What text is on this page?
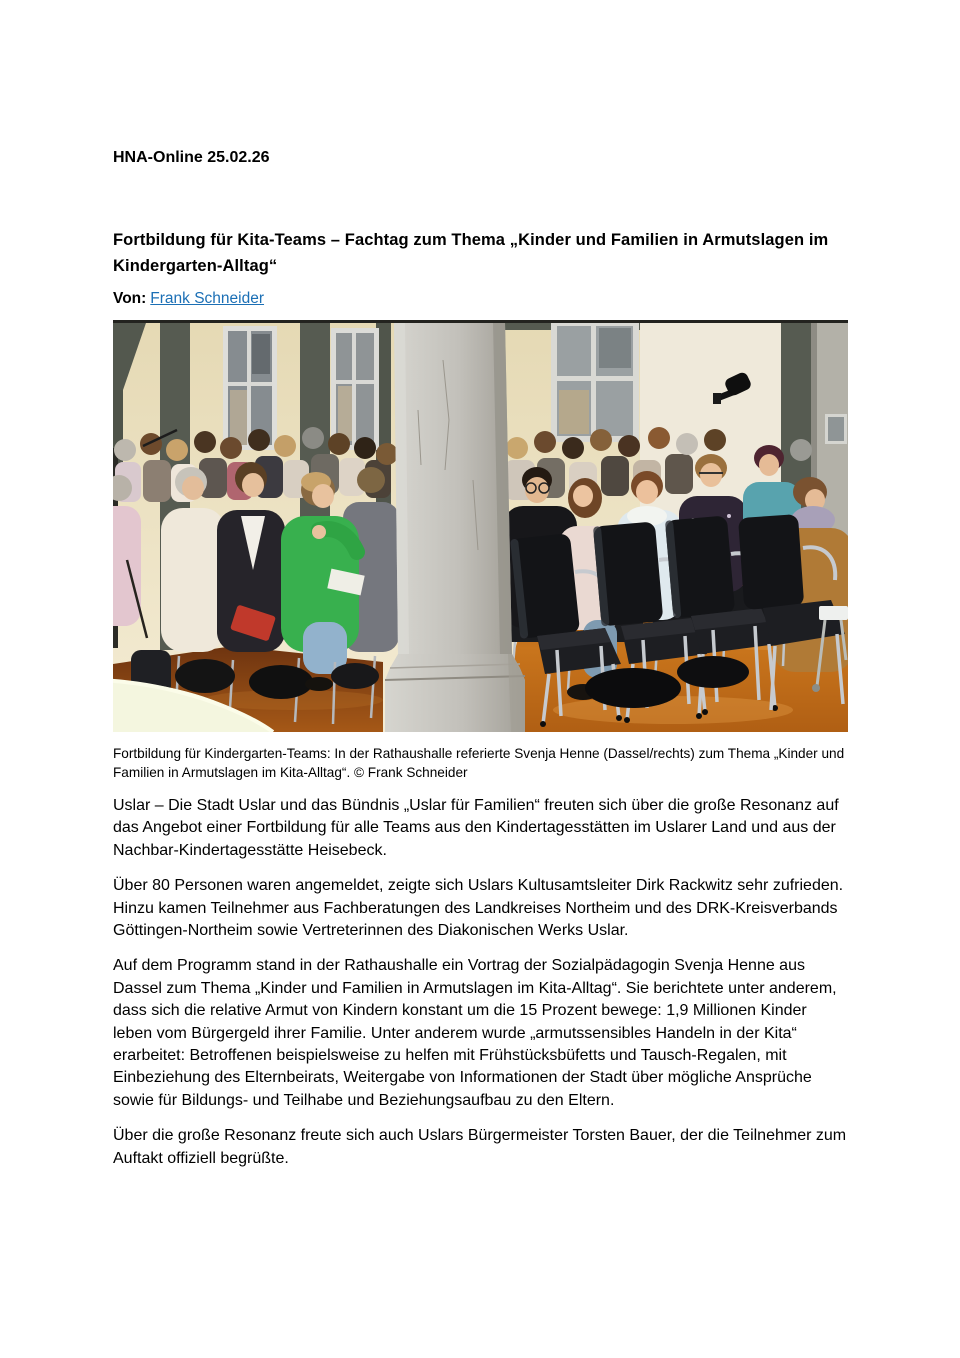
HNA-Online 25.02.26
Fortbildung für Kita-Teams – Fachtag zum Thema „Kinder und Familien in Armutslagen im Kindergarten-Alltag“
Von: Frank Schneider
Fortbildung für Kindergarten-Teams: In der Rathaushalle referierte Svenja Henne (Dassel/rechts) zum Thema „Kinder und Familien in Armutslagen im Kita-Alltag“. © Frank Schneider

Uslar – Die Stadt Uslar und das Bündnis „Uslar für Familien“ freuten sich über die große Resonanz auf das Angebot einer Fortbildung für alle Teams aus den Kindertagesstätten im Uslarer Land und aus der Nachbar-Kindertagesstätte Heisebeck.

Über 80 Personen waren angemeldet, zeigte sich Uslars Kultusamtsleiter Dirk Rackwitz sehr zufrieden. Hinzu kamen Teilnehmer aus Fachberatungen des Landkreises Northeim und des DRK-Kreisverbands Göttingen-Northeim sowie Vertreterinnen des Diakonischen Werks Uslar.

Auf dem Programm stand in der Rathaushalle ein Vortrag der Sozialpädagogin Svenja Henne aus Dassel zum Thema „Kinder und Familien in Armutslagen im Kita-Alltag“. Sie berichtete unter anderem, dass sich die relative Armut von Kindern konstant um die 15 Prozent bewege: 1,9 Millionen Kinder leben vom Bürgergeld ihrer Familie. Unter anderem wurde „armutssensibles Handeln in der Kita“ erarbeitet: Betroffenen beispielsweise zu helfen mit Frühstücksbüfetts und Tausch-Regalen, mit Einbeziehung des Elternbeirats, Weitergabe von Informationen der Stadt über mögliche Ansprüche sowie für Bildungs- und Teilhabe und Beziehungsaufbau zu den Eltern.

Über die große Resonanz freute sich auch Uslars Bürgermeister Torsten Bauer, der die Teilnehmer zum Auftakt offiziell begrüßte.
